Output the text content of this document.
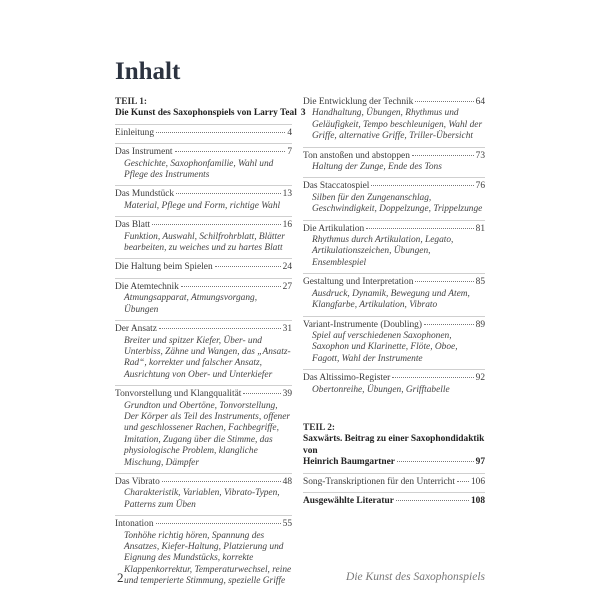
Inhalt
TEIL 1:
Die Kunst des Saxophonspiels von Larry Teal 3
Einleitung	4
Das Instrument	7
Geschichte, Saxophonfamilie, Wahl und Pflege des Instruments
Das Mundstück	13
Material, Pflege und Form, richtige Wahl
Das Blatt	16
Funktion, Auswahl, Schilfrohrblatt, Blätter bearbeiten, zu weiches und zu hartes Blatt
Die Haltung beim Spielen	24
Die Atemtechnik	27
Atmungsapparat, Atmungsvorgang, Übungen
Der Ansatz	31
Breiter und spitzer Kiefer, Über- und Unterbiss, Zähne und Wangen, das „Ansatz-Rad“, korrekter und falscher Ansatz, Ausrichtung von Ober- und Unterkiefer
Tonvorstellung und Klangqualität	39
Grundton und Obertöne, Tonvorstellung, Der Körper als Teil des Instruments, offener und geschlossener Rachen, Fachbegriffe, Imitation, Zugang über die Stimme, das physiologische Problem, klangliche Mischung, Dämpfer
Das Vibrato	48
Charakteristik, Variablen, Vibrato-Typen, Patterns zum Üben
Intonation	55
Tonhöhe richtig hören, Spannung des Ansatzes, Kiefer-Haltung, Platzierung und Eignung des Mundstücks, korrekte Klappenkorrektur, Temperaturwechsel, reine und temperierte Stimmung, spezielle Griffe
Die Entwicklung der Technik	64
Handhaltung, Übungen, Rhythmus und Geläufigkeit, Tempo beschleunigen, Wahl der Griffe, alternative Griffe, Triller-Übersicht
Ton anstoßen und abstoppen	73
Haltung der Zunge, Ende des Tons
Das Staccatospiel	76
Silben für den Zungenanschlag, Geschwindigkeit, Doppelzunge, Trippelzunge
Die Artikulation	81
Rhythmus durch Artikulation, Legato, Artikulationszeichen, Übungen, Ensemblespiel
Gestaltung und Interpretation	85
Ausdruck, Dynamik, Bewegung und Atem, Klangfarbe, Artikulation, Vibrato
Variant-Instrumente (Doubling)	89
Spiel auf verschiedenen Saxophonen, Saxophon und Klarinette, Flöte, Oboe, Fagott, Wahl der Instrumente
Das Altissimo-Register	92
Obertonreihe, Übungen, Grifftabelle
TEIL 2:
Saxwärts. Beitrag zu einer Saxophondidaktik von
Heinrich Baumgartner	97
Song-Transkriptionen für den Unterricht 106
Ausgewählte Literatur	108
2	Die Kunst des Saxophonspiels
